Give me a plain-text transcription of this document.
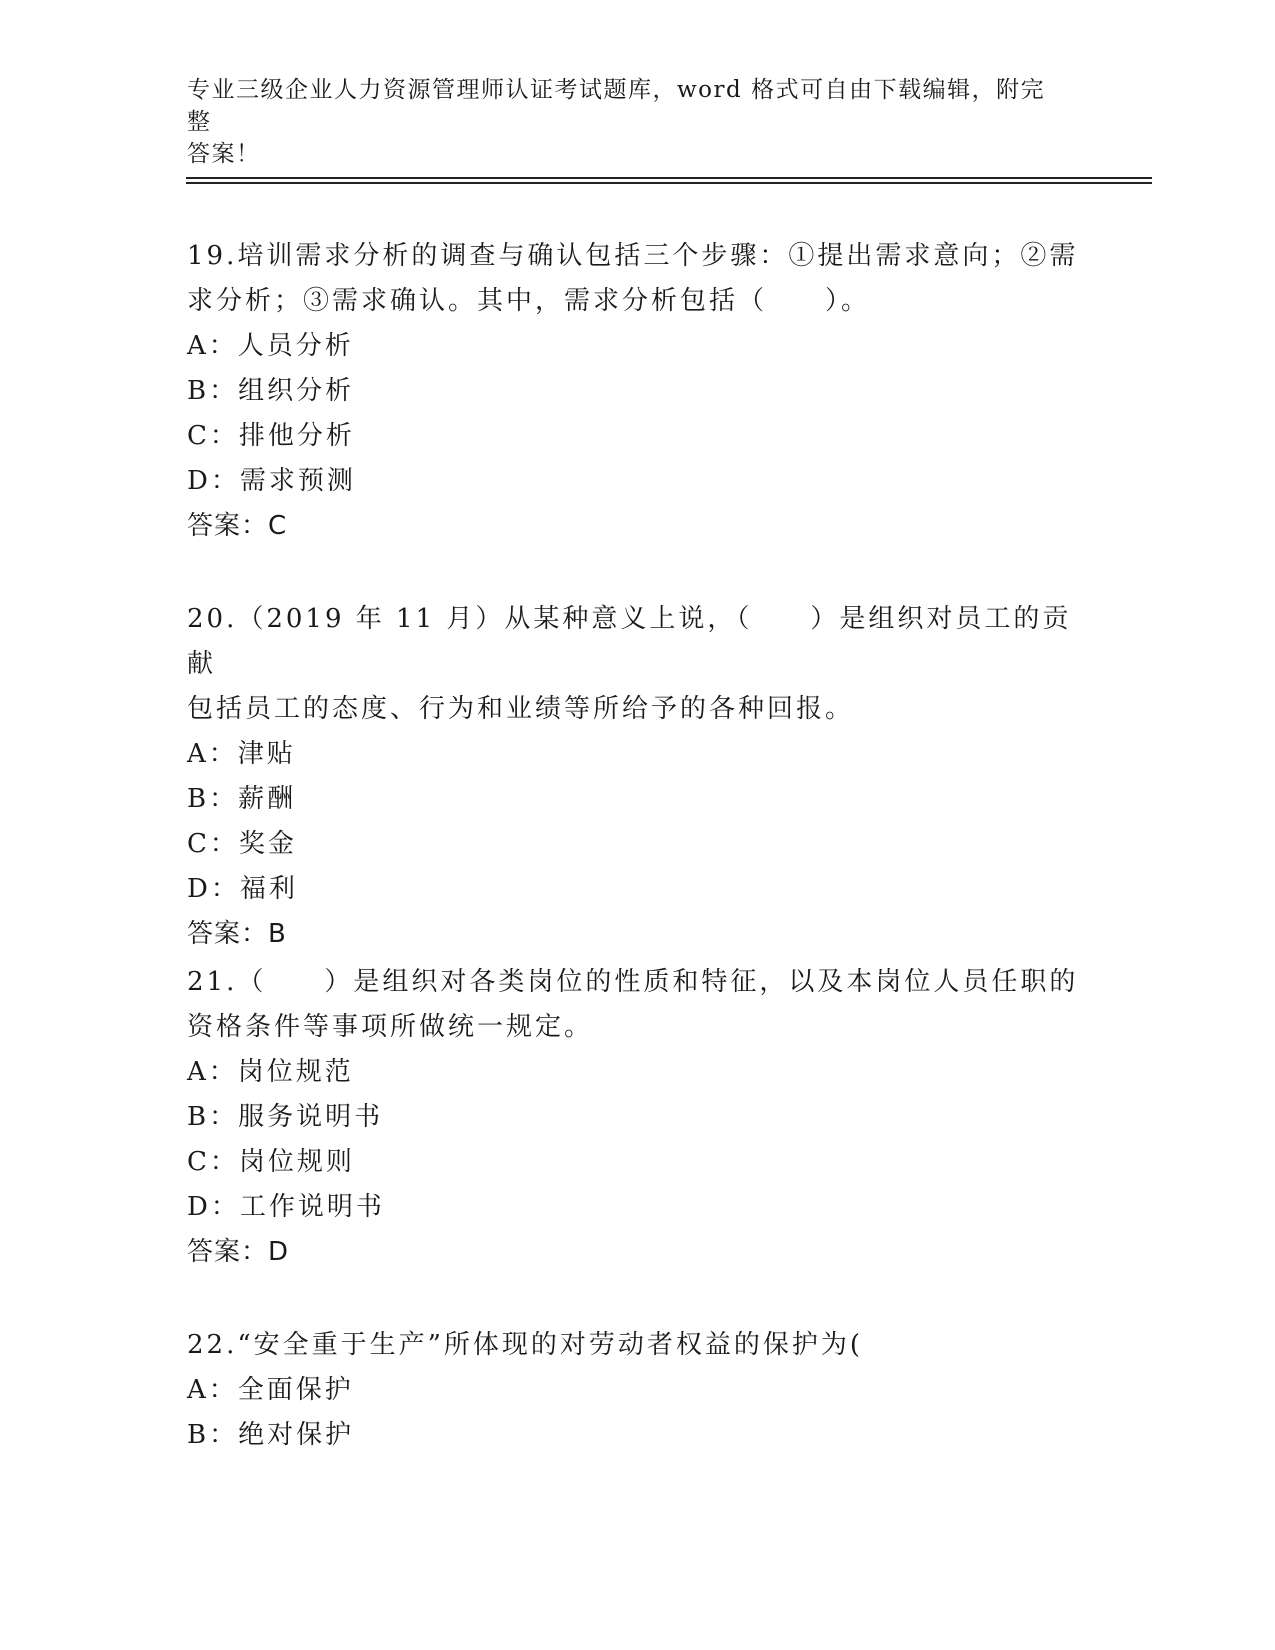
专业三级企业人力资源管理师认证考试题库，word 格式可自由下载编辑，附完整
答案！

19.培训需求分析的调查与确认包括三个步骤：①提出需求意向；②需

求分析；③需求确认。其中，需求分析包括（　　）。

A：人员分析

B：组织分析

C：排他分析

D：需求预测

答案：C

20.（2019 年 11 月）从某种意义上说，（　　）是组织对员工的贡献

包括员工的态度、行为和业绩等所给予的各种回报。

A：津贴

B：薪酬

C：奖金

D：福利

答案：B

21.（　　）是组织对各类岗位的性质和特征，以及本岗位人员任职的

资格条件等事项所做统一规定。

A：岗位规范

B：服务说明书

C：岗位规则

D：工作说明书

答案：D

22.“安全重于生产”所体现的对劳动者权益的保护为(

A：全面保护

B：绝对保护
